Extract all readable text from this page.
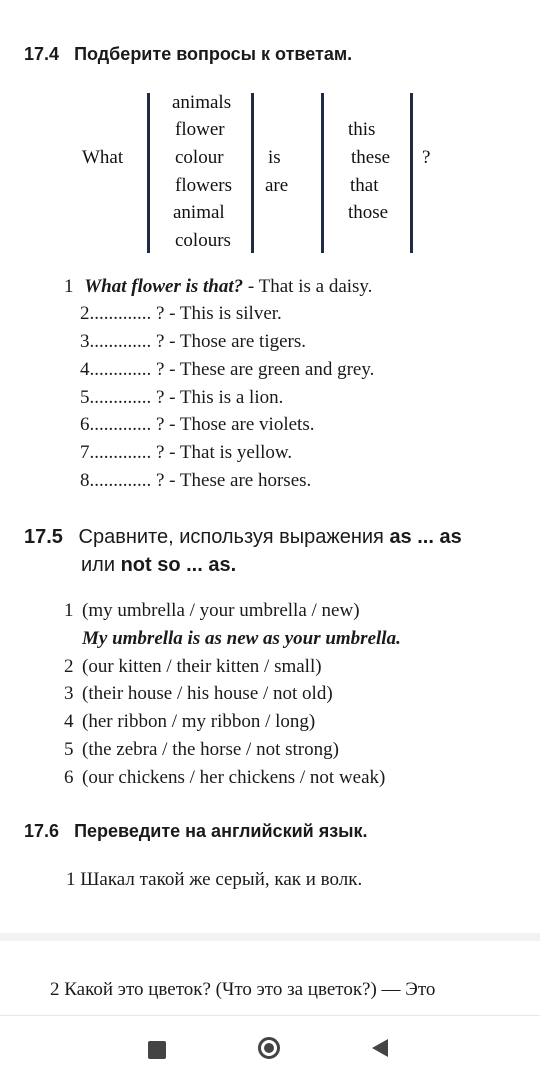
17.4 Подберите вопросы к ответам.
What
animals
flower
colour
flowers
animal
colours
is
are
this
these
that
those
?
1 What flower is that? - That is a daisy.
2............. ? - This is silver.
3............. ? - Those are tigers.
4............. ? - These are green and grey.
5............. ? - This is a lion.
6............. ? - Those are violets.
7............. ? - That is yellow.
8............. ? - These are horses.
17.5 Сравните, используя выражения as ... as
или not so ... as.
1 (my umbrella / your umbrella / new)
My umbrella is as new as your umbrella.
2 (our kitten / their kitten / small)
3 (their house / his house / not old)
4 (her ribbon / my ribbon / long)
5 (the zebra / the horse / not strong)
6 (our chickens / her chickens / not weak)
17.6 Переведите на английский язык.
1 Шакал такой же серый, как и волк.
2 Какой это цветок? (Что это за цветок?) — Это
